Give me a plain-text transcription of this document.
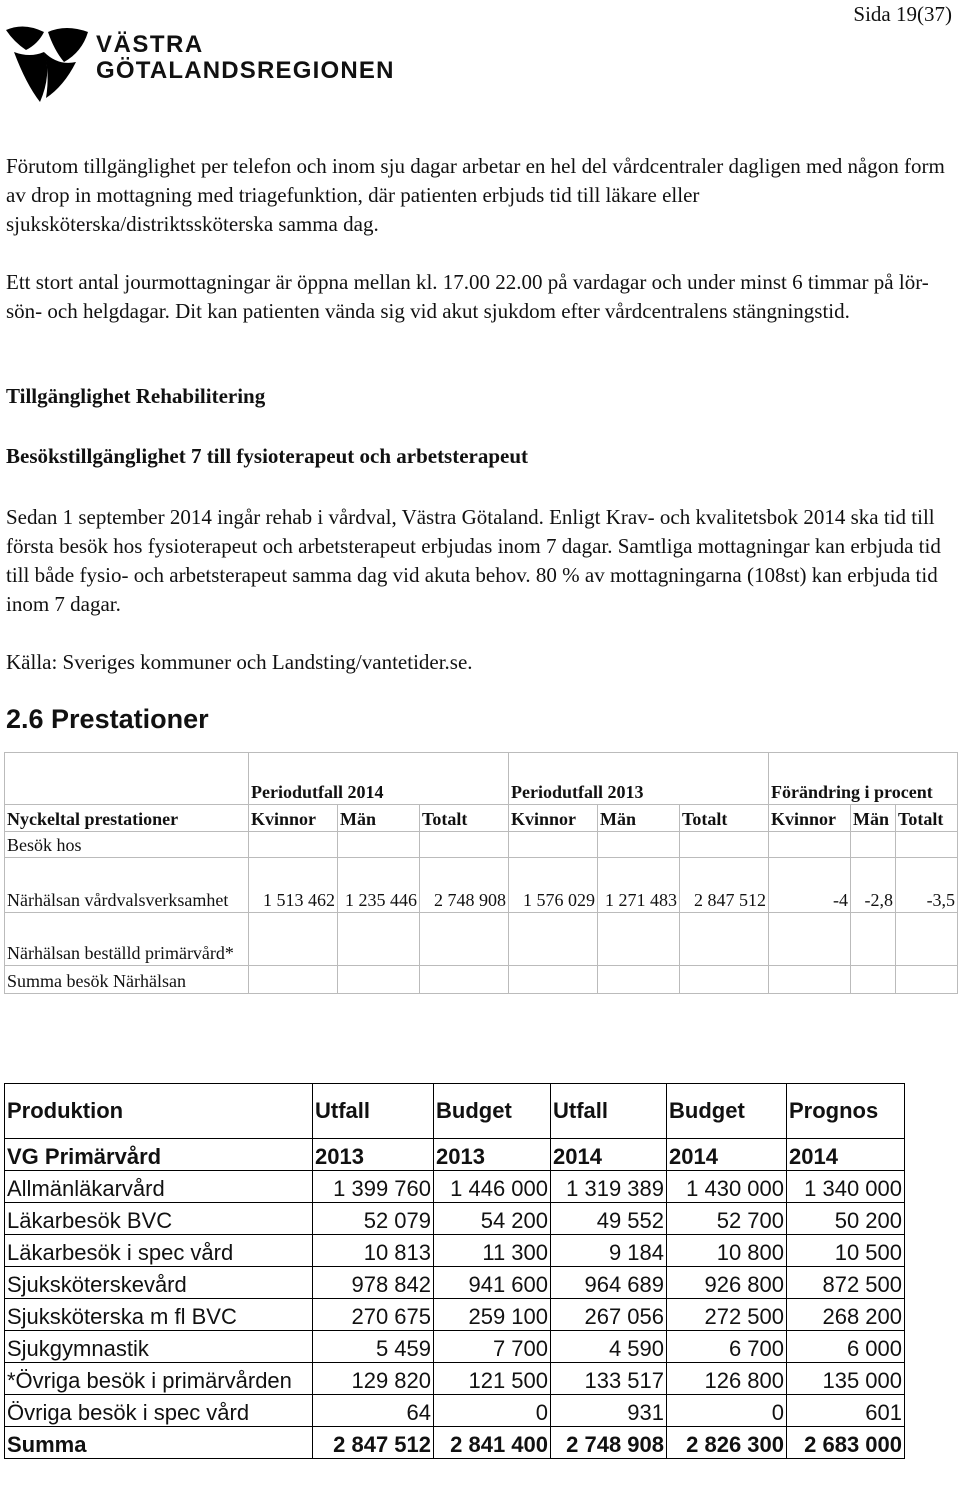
Sida 19(37)
VÄSTRA
GÖTALANDSREGIONEN
Förutom tillgänglighet per telefon och inom sju dagar arbetar en hel del vårdcentraler dagligen med någon form av drop in mottagning med triagefunktion, där patienten erbjuds tid till läkare eller sjuksköterska/distriktssköterska samma dag.
Ett stort antal jourmottagningar är öppna mellan kl. 17.00 22.00 på vardagar och under minst 6 timmar på lör- sön- och helgdagar. Dit kan patienten vända sig vid akut sjukdom efter vårdcentralens stängningstid.
Tillgänglighet Rehabilitering
Besökstillgänglighet 7 till fysioterapeut och arbetsterapeut
Sedan 1 september 2014 ingår rehab i vårdval, Västra Götaland. Enligt Krav- och kvalitetsbok 2014 ska tid till första besök hos fysioterapeut och arbetsterapeut erbjudas inom 7 dagar. Samtliga mottagningar kan erbjuda tid till både fysio- och arbetsterapeut samma dag vid akuta behov. 80 % av mottagningarna (108st) kan erbjuda tid inom 7 dagar.
Källa: Sveriges kommuner och Landsting/vantetider.se.
2.6 Prestationer
	Periodutfall 2014			Periodutfall 2013			Förändring i procent		
Nyckeltal prestationer	Kvinnor	Män	Totalt	Kvinnor	Män	Totalt	Kvinnor	Män	Totalt
Besök hos									
Närhälsan vårdvalsverksamhet	1 513 462	1 235 446	2 748 908	1 576 029	1 271 483	2 847 512	-4	-2,8	-3,5
Närhälsan beställd primärvård*									
Summa besök Närhälsan									
Produktion	Utfall	Budget	Utfall	Budget	Prognos
VG Primärvård	2013	2013	2014	2014	2014
Allmänläkarvård	1 399 760	1 446 000	1 319 389	1 430 000	1 340 000
Läkarbesök BVC	52 079	54 200	49 552	52 700	50 200
Läkarbesök i spec vård	10 813	11 300	9 184	10 800	10 500
Sjuksköterskevård	978 842	941 600	964 689	926 800	872 500
Sjuksköterska m fl BVC	270 675	259 100	267 056	272 500	268 200
Sjukgymnastik	5 459	7 700	4 590	6 700	6 000
*Övriga besök i primärvården	129 820	121 500	133 517	126 800	135 000
Övriga besök i spec vård	64	0	931	0	601
Summa	2 847 512	2 841 400	2 748 908	2 826 300	2 683 000
